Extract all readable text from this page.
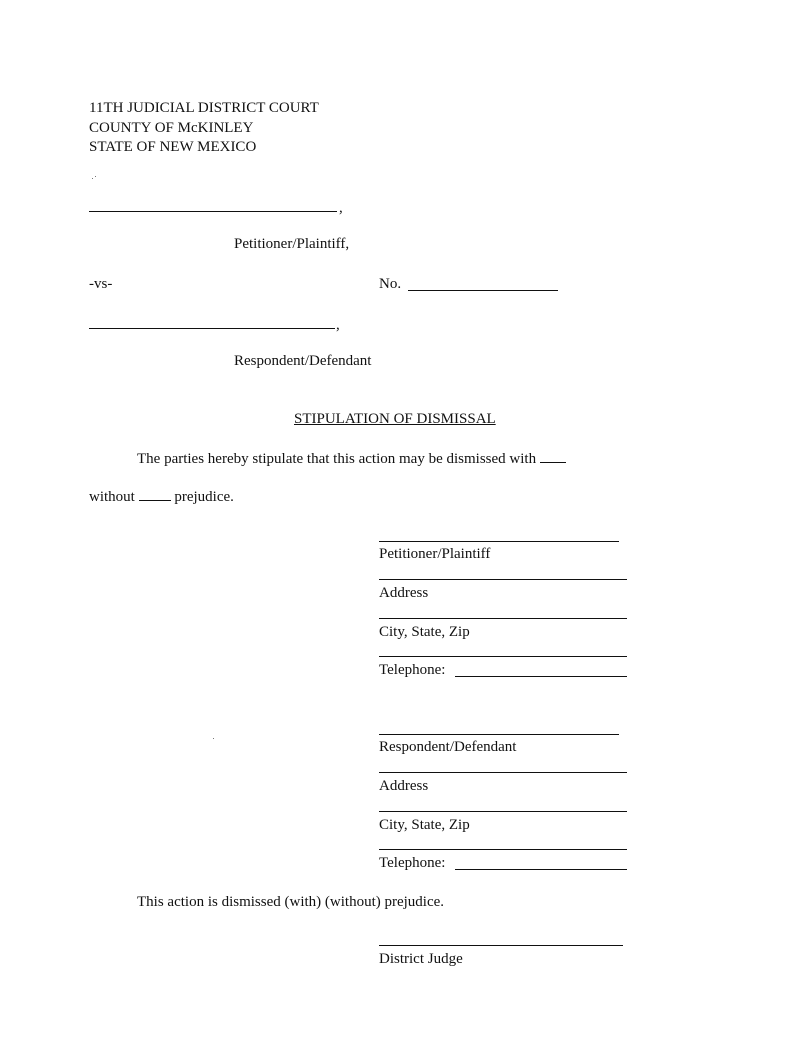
11TH JUDICIAL DISTRICT COURT
COUNTY OF McKINLEY
STATE OF NEW MEXICO
,
Petitioner/Plaintiff,
-vs-	No.
,
Respondent/Defendant
STIPULATION OF DISMISSAL
The parties hereby stipulate that this action may be dismissed with
without	prejudice.
Petitioner/Plaintiff
Address
City, State, Zip
Telephone:
Respondent/Defendant
Address
City, State, Zip
Telephone:
This action is dismissed (with) (without) prejudice.
District Judge
